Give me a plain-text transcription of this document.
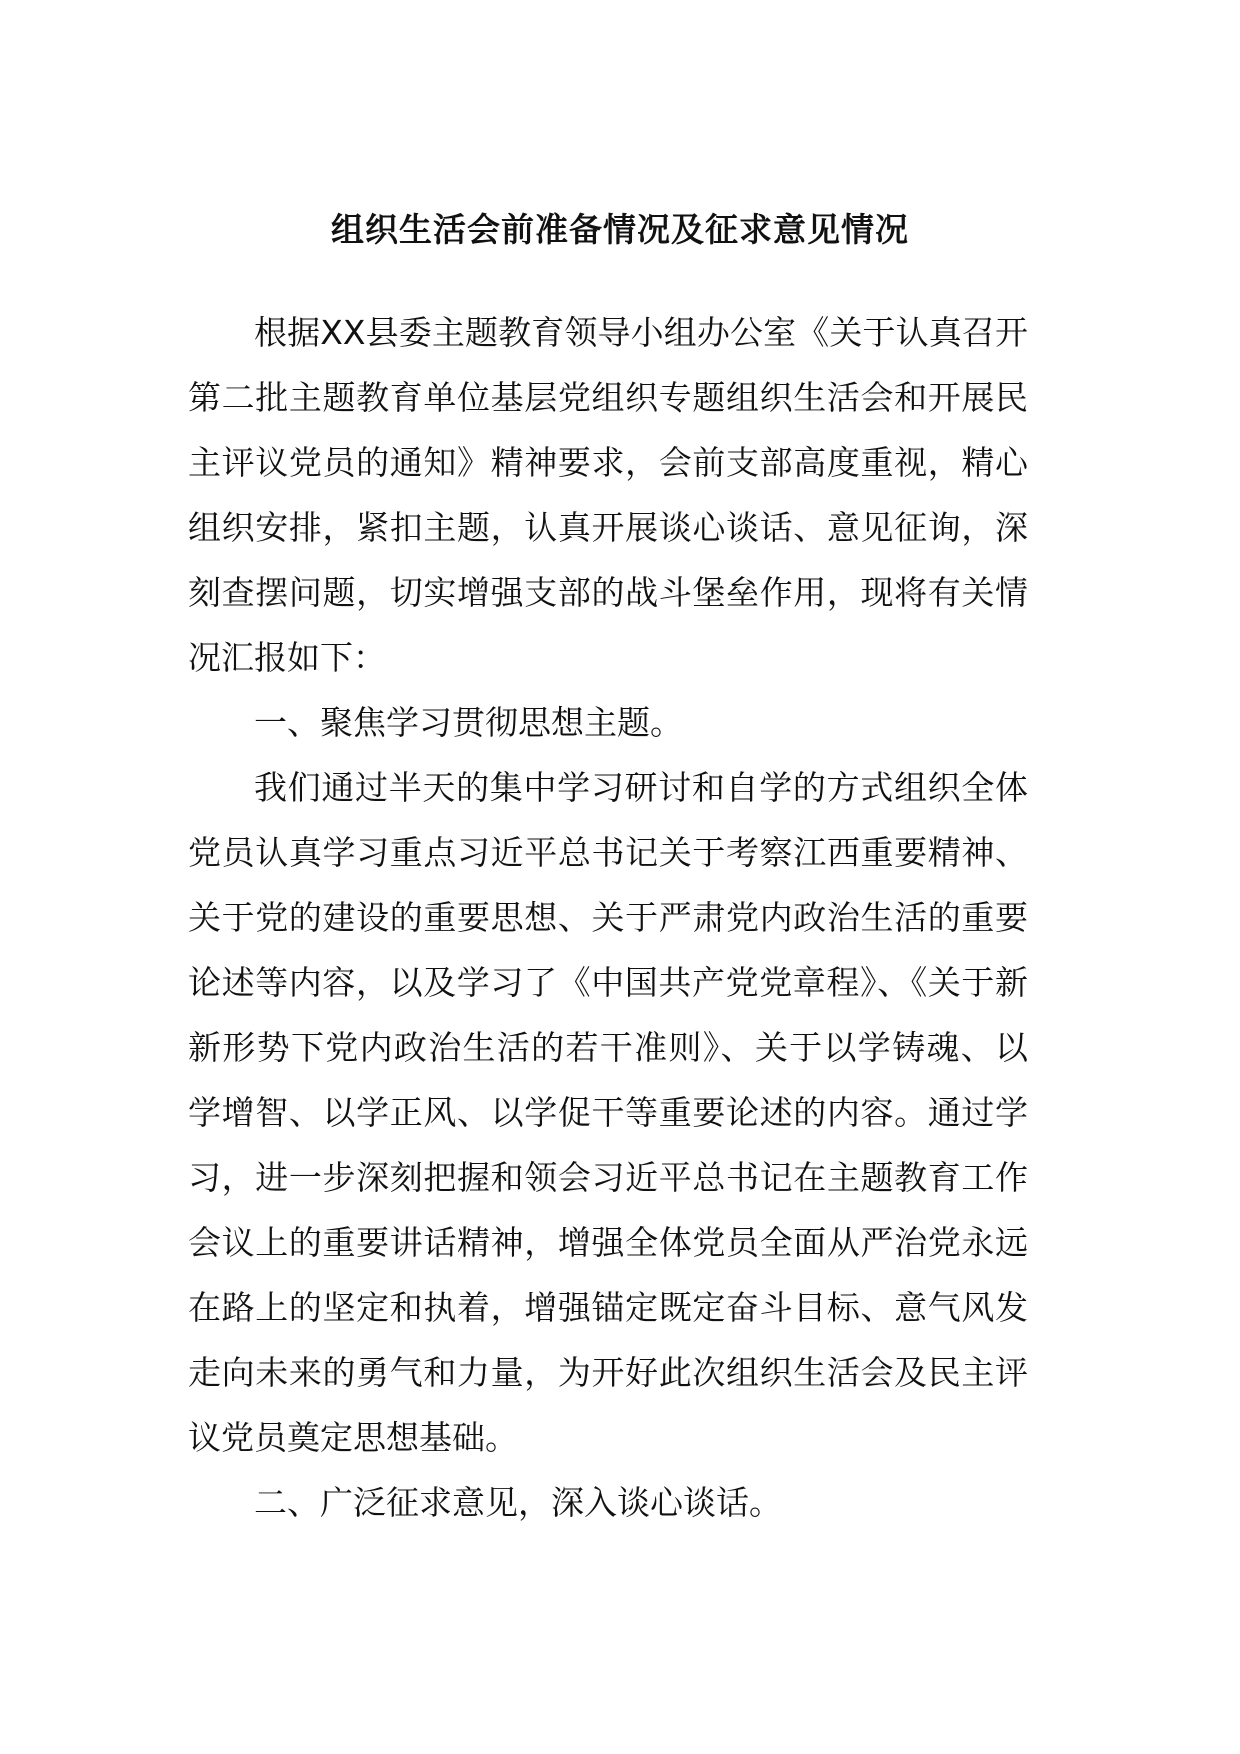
组织生活会前准备情况及征求意见情况

根据XX县委主题教育领导小组办公室《关于认真召开第二批主题教育单位基层党组织专题组织生活会和开展民主评议党员的通知》精神要求，会前支部高度重视，精心组织安排，紧扣主题，认真开展谈心谈话、意见征询，深刻查摆问题，切实增强支部的战斗堡垒作用，现将有关情况汇报如下：

一、聚焦学习贯彻思想主题。

我们通过半天的集中学习研讨和自学的方式组织全体党员认真学习重点习近平总书记关于考察江西重要精神、关于党的建设的重要思想、关于严肃党内政治生活的重要论述等内容，以及学习了《中国共产党党章程》、《关于新新形势下党内政治生活的若干准则》、关于以学铸魂、以学增智、以学正风、以学促干等重要论述的内容。通过学习，进一步深刻把握和领会习近平总书记在主题教育工作会议上的重要讲话精神，增强全体党员全面从严治党永远在路上的坚定和执着，增强锚定既定奋斗目标、意气风发走向未来的勇气和力量，为开好此次组织生活会及民主评议党员奠定思想基础。

二、广泛征求意见，深入谈心谈话。
